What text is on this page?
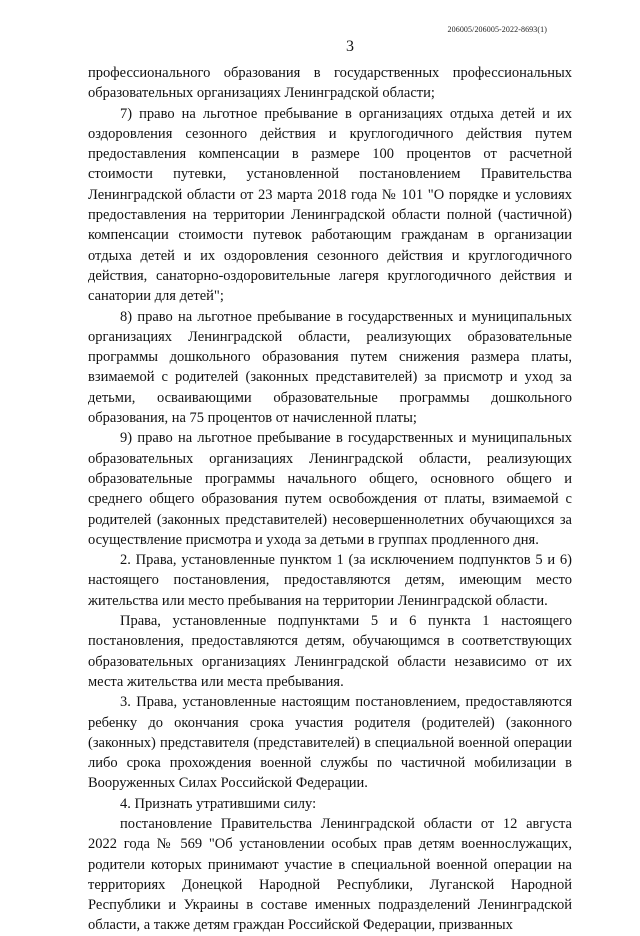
206005/206005-2022-8693(1)
3

профессионального образования в государственных профессиональных образовательных организациях Ленинградской области;

7) право на льготное пребывание в организациях отдыха детей и их оздоровления сезонного действия и круглогодичного действия путем предоставления компенсации в размере 100 процентов от расчетной стоимости путевки, установленной постановлением Правительства Ленинградской области от 23 марта 2018 года № 101 "О порядке и условиях предоставления на территории Ленинградской области полной (частичной) компенсации стоимости путевок работающим гражданам в организации отдыха детей и их оздоровления сезонного действия и круглогодичного действия, санаторно-оздоровительные лагеря круглогодичного действия и санатории для детей";

8) право на льготное пребывание в государственных и муниципальных организациях Ленинградской области, реализующих образовательные программы дошкольного образования путем снижения размера платы, взимаемой с родителей (законных представителей) за присмотр и уход за детьми, осваивающими образовательные программы дошкольного образования, на 75 процентов от начисленной платы;

9) право на льготное пребывание в государственных и муниципальных образовательных организациях Ленинградской области, реализующих образовательные программы начального общего, основного общего и среднего общего образования путем освобождения от платы, взимаемой с родителей (законных представителей) несовершеннолетних обучающихся за осуществление присмотра и ухода за детьми в группах продленного дня.

2. Права, установленные пунктом 1 (за исключением подпунктов 5 и 6) настоящего постановления, предоставляются детям, имеющим место жительства или место пребывания на территории Ленинградской области.

Права, установленные подпунктами 5 и 6 пункта 1 настоящего постановления, предоставляются детям, обучающимся в соответствующих образовательных организациях Ленинградской области независимо от их места жительства или места пребывания.

3. Права, установленные настоящим постановлением, предоставляются ребенку до окончания срока участия родителя (родителей) (законного (законных) представителя (представителей) в специальной военной операции либо срока прохождения военной службы по частичной мобилизации в Вооруженных Силах Российской Федерации.

4. Признать утратившими силу:

постановление Правительства Ленинградской области от 12 августа 2022 года № 569 "Об установлении особых прав детям военнослужащих, родители которых принимают участие в специальной военной операции на территориях Донецкой Народной Республики, Луганской Народной Республики и Украины в составе именных подразделений Ленинградской области, а также детям граждан Российской Федерации, призванных
